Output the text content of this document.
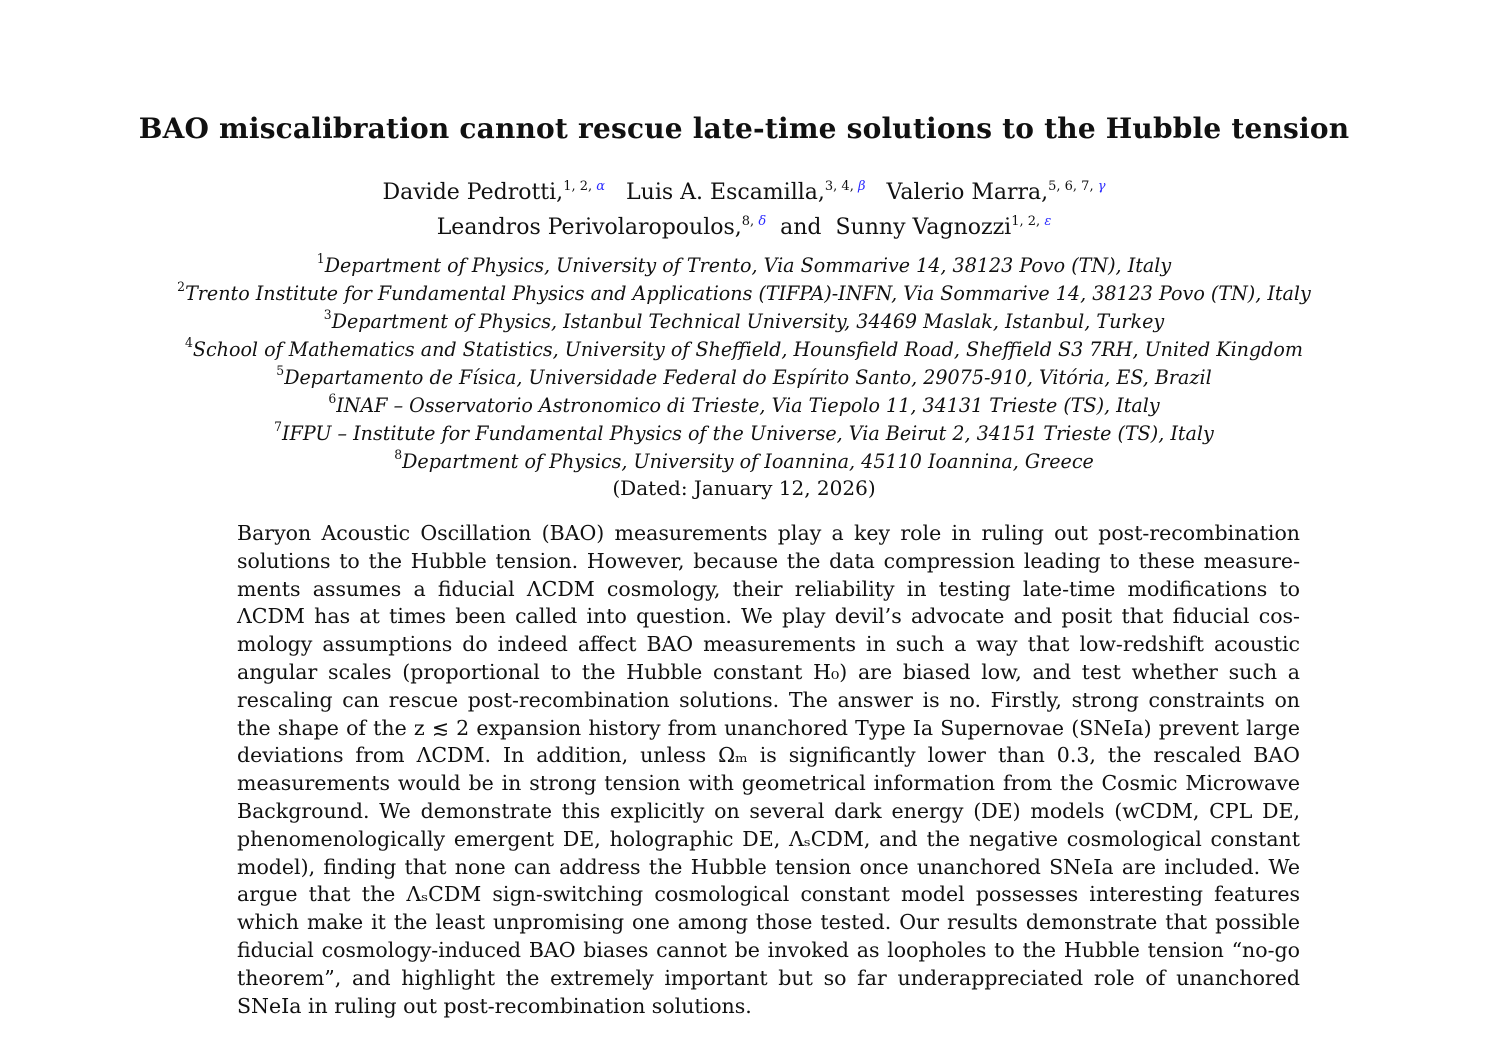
BAO miscalibration cannot rescue late-time solutions to the Hubble tension
Davide Pedrotti,$^{1, 2, \alpha}$ Luis A. Escamilla,$^{3, 4, \beta}$ Valerio Marra,$^{5, 6, 7, \gamma}$
Leandros Perivolaropoulos,$^{8, \delta}$ and Sunny Vagnozzi$^{1, 2, \varepsilon}$
$^1$Department of Physics, University of Trento, Via Sommarive 14, 38123 Povo (TN), Italy
$^2$Trento Institute for Fundamental Physics and Applications (TIFPA)-INFN, Via Sommarive 14, 38123 Povo (TN), Italy
$^3$Department of Physics, Istanbul Technical University, 34469 Maslak, Istanbul, Turkey
$^4$School of Mathematics and Statistics, University of Sheffield, Hounsfield Road, Sheffield S3 7RH, United Kingdom
$^5$Departamento de Física, Universidade Federal do Espírito Santo, 29075-910, Vitória, ES, Brazil
$^6$INAF – Osservatorio Astronomico di Trieste, Via Tiepolo 11, 34131 Trieste (TS), Italy
$^7$IFPU – Institute for Fundamental Physics of the Universe, Via Beirut 2, 34151 Trieste (TS), Italy
$^8$Department of Physics, University of Ioannina, 45110 Ioannina, Greece
(Dated: January 12, 2026)
Baryon Acoustic Oscillation (BAO) measurements play a key role in ruling out post-recombination
solutions to the Hubble tension. However, because the data compression leading to these measure-
ments assumes a fiducial ΛCDM cosmology, their reliability in testing late-time modifications to
ΛCDM has at times been called into question. We play devil’s advocate and posit that fiducial cos-
mology assumptions do indeed affect BAO measurements in such a way that low-redshift acoustic
angular scales (proportional to the Hubble constant H₀) are biased low, and test whether such a
rescaling can rescue post-recombination solutions. The answer is no. Firstly, strong constraints on
the shape of the z ≲ 2 expansion history from unanchored Type Ia Supernovae (SNeIa) prevent large
deviations from ΛCDM. In addition, unless Ωₘ is significantly lower than 0.3, the rescaled BAO
measurements would be in strong tension with geometrical information from the Cosmic Microwave
Background. We demonstrate this explicitly on several dark energy (DE) models (wCDM, CPL DE,
phenomenologically emergent DE, holographic DE, ΛₛCDM, and the negative cosmological constant
model), finding that none can address the Hubble tension once unanchored SNeIa are included. We
argue that the ΛₛCDM sign-switching cosmological constant model possesses interesting features
which make it the least unpromising one among those tested. Our results demonstrate that possible
fiducial cosmology-induced BAO biases cannot be invoked as loopholes to the Hubble tension “no-go
theorem”, and highlight the extremely important but so far underappreciated role of unanchored
SNeIa in ruling out post-recombination solutions.
